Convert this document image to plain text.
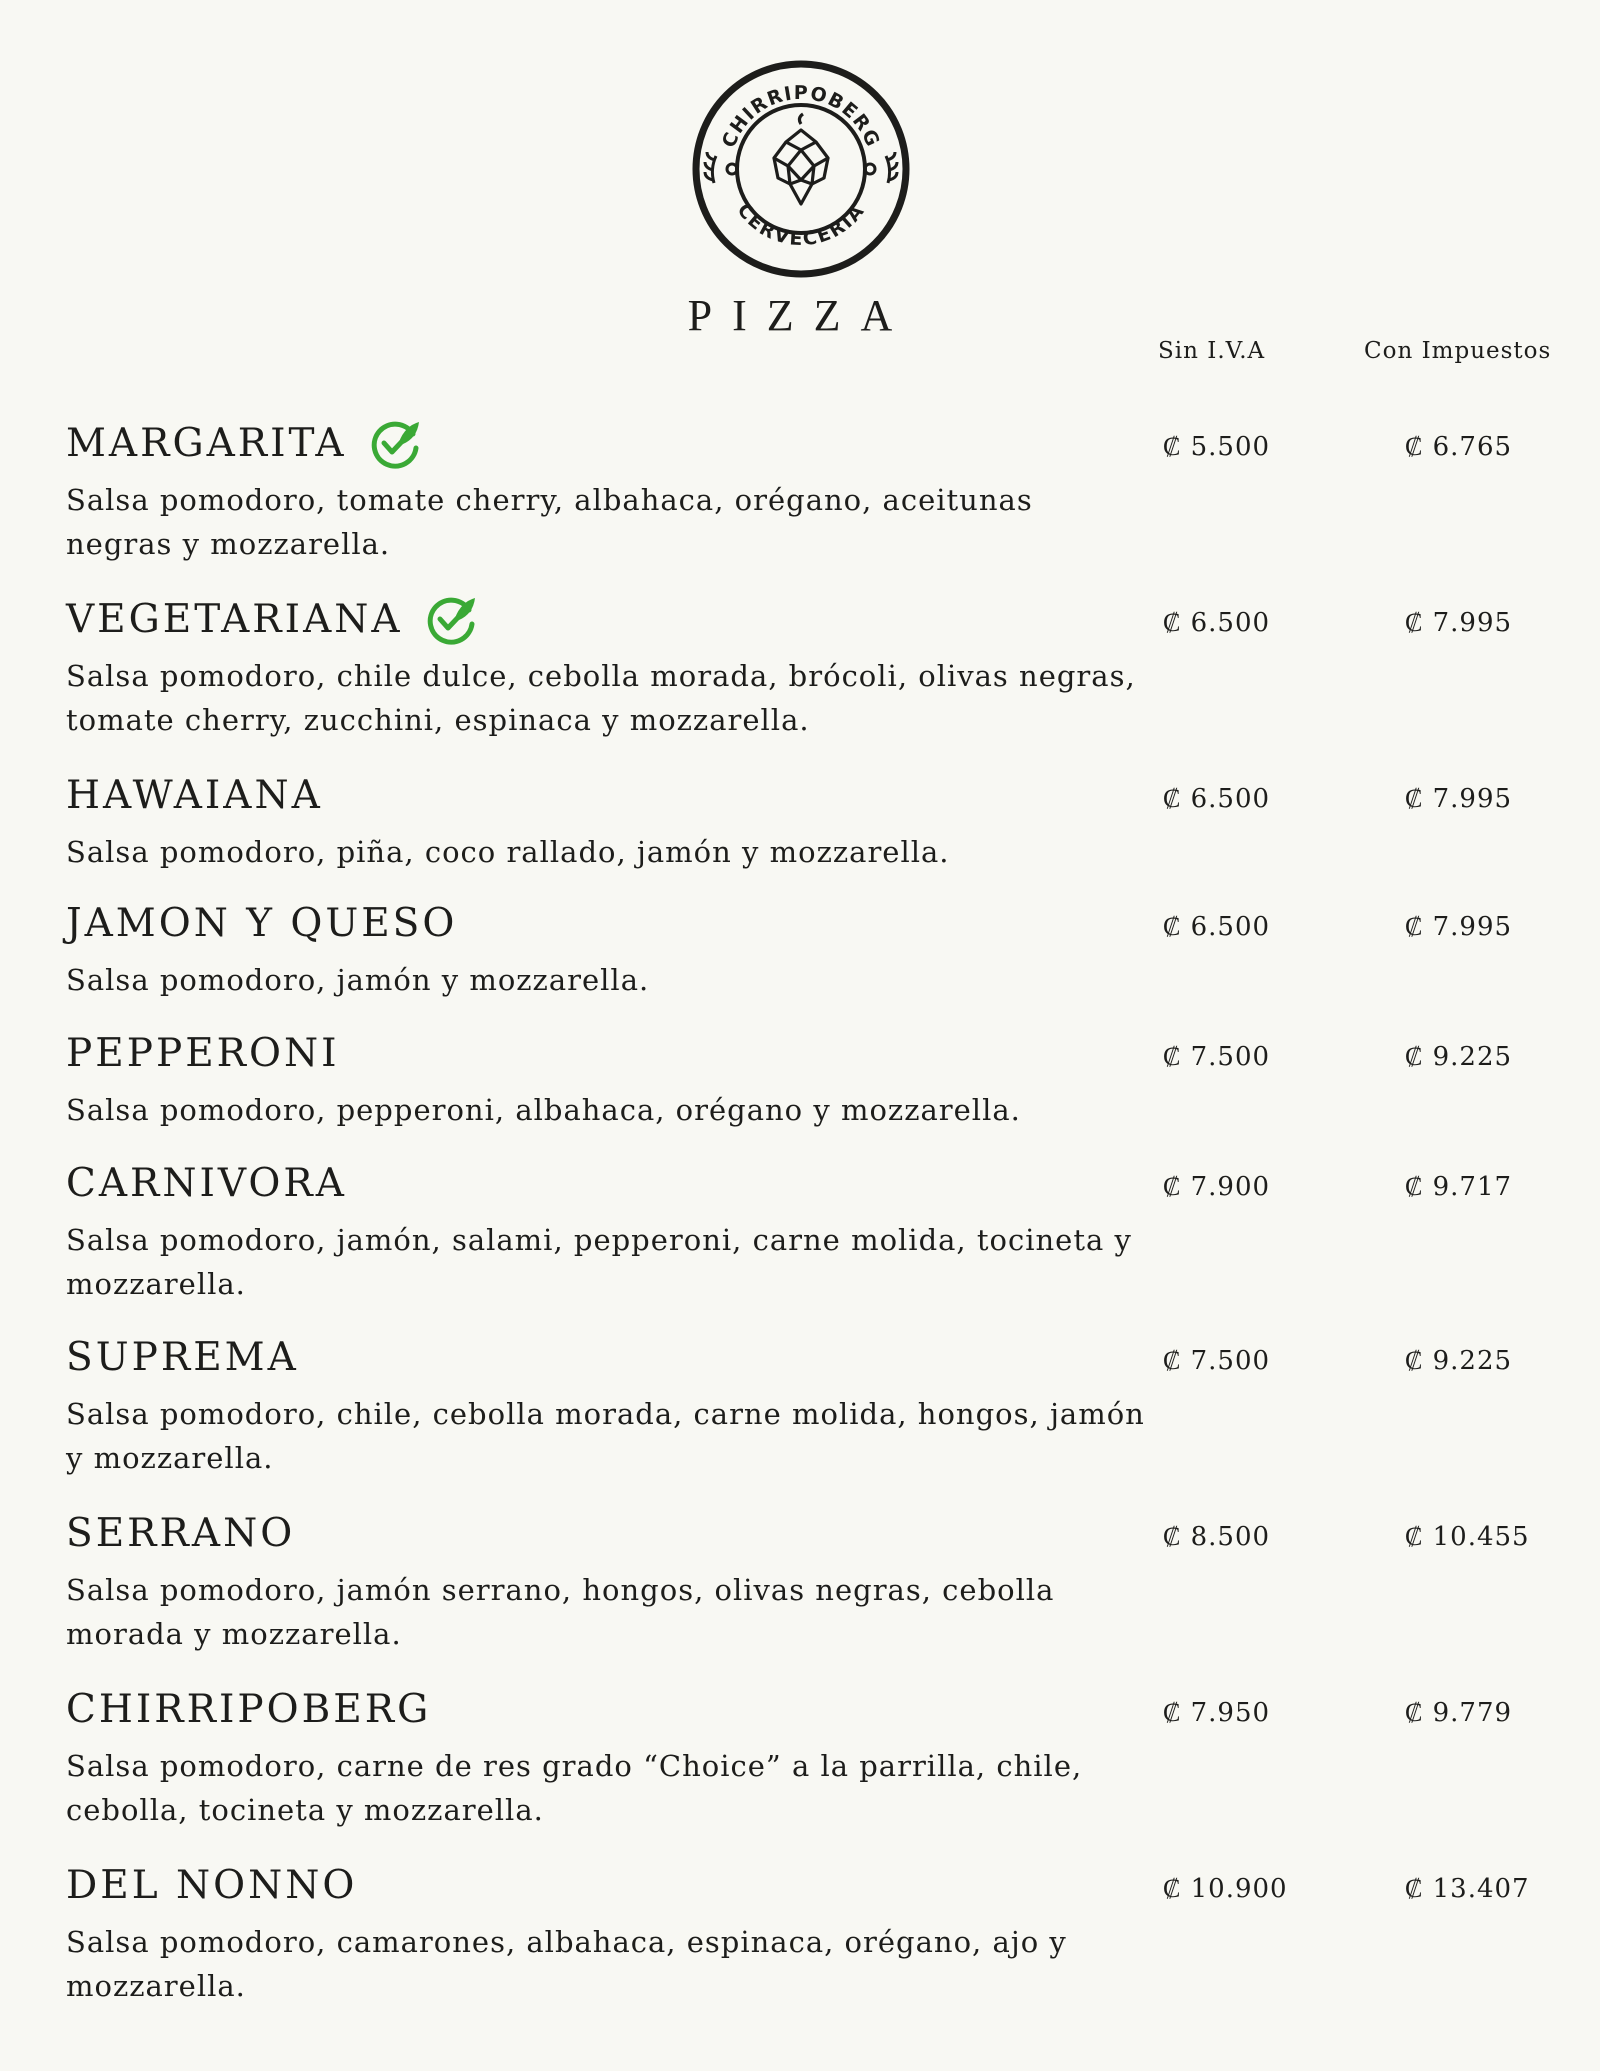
CHIRRIPOBERG
CERVECERIA
PIZZA
Sin I.V.A	Con Impuestos
MARGARITA
Salsa pomodoro, tomate cherry, albahaca, orégano, aceitunas negras y mozzarella.
₡ 5.500	₡ 6.765
VEGETARIANA
Salsa pomodoro, chile dulce, cebolla morada, brócoli, olivas negras, tomate cherry, zucchini, espinaca y mozzarella.
₡ 6.500	₡ 7.995
HAWAIANA
Salsa pomodoro, piña, coco rallado, jamón y mozzarella.
₡ 6.500	₡ 7.995
JAMON Y QUESO
Salsa pomodoro, jamón y mozzarella.
₡ 6.500	₡ 7.995
PEPPERONI
Salsa pomodoro, pepperoni, albahaca, orégano y mozzarella.
₡ 7.500	₡ 9.225
CARNIVORA
Salsa pomodoro, jamón, salami, pepperoni, carne molida, tocineta y mozzarella.
₡ 7.900	₡ 9.717
SUPREMA
Salsa pomodoro, chile, cebolla morada, carne molida, hongos, jamón y mozzarella.
₡ 7.500	₡ 9.225
SERRANO
Salsa pomodoro, jamón serrano, hongos, olivas negras, cebolla morada y mozzarella.
₡ 8.500	₡ 10.455
CHIRRIPOBERG
Salsa pomodoro, carne de res grado “Choice” a la parrilla, chile, cebolla, tocineta y mozzarella.
₡ 7.950	₡ 9.779
DEL NONNO
Salsa pomodoro, camarones, albahaca, espinaca, orégano, ajo y mozzarella.
₡ 10.900	₡ 13.407
